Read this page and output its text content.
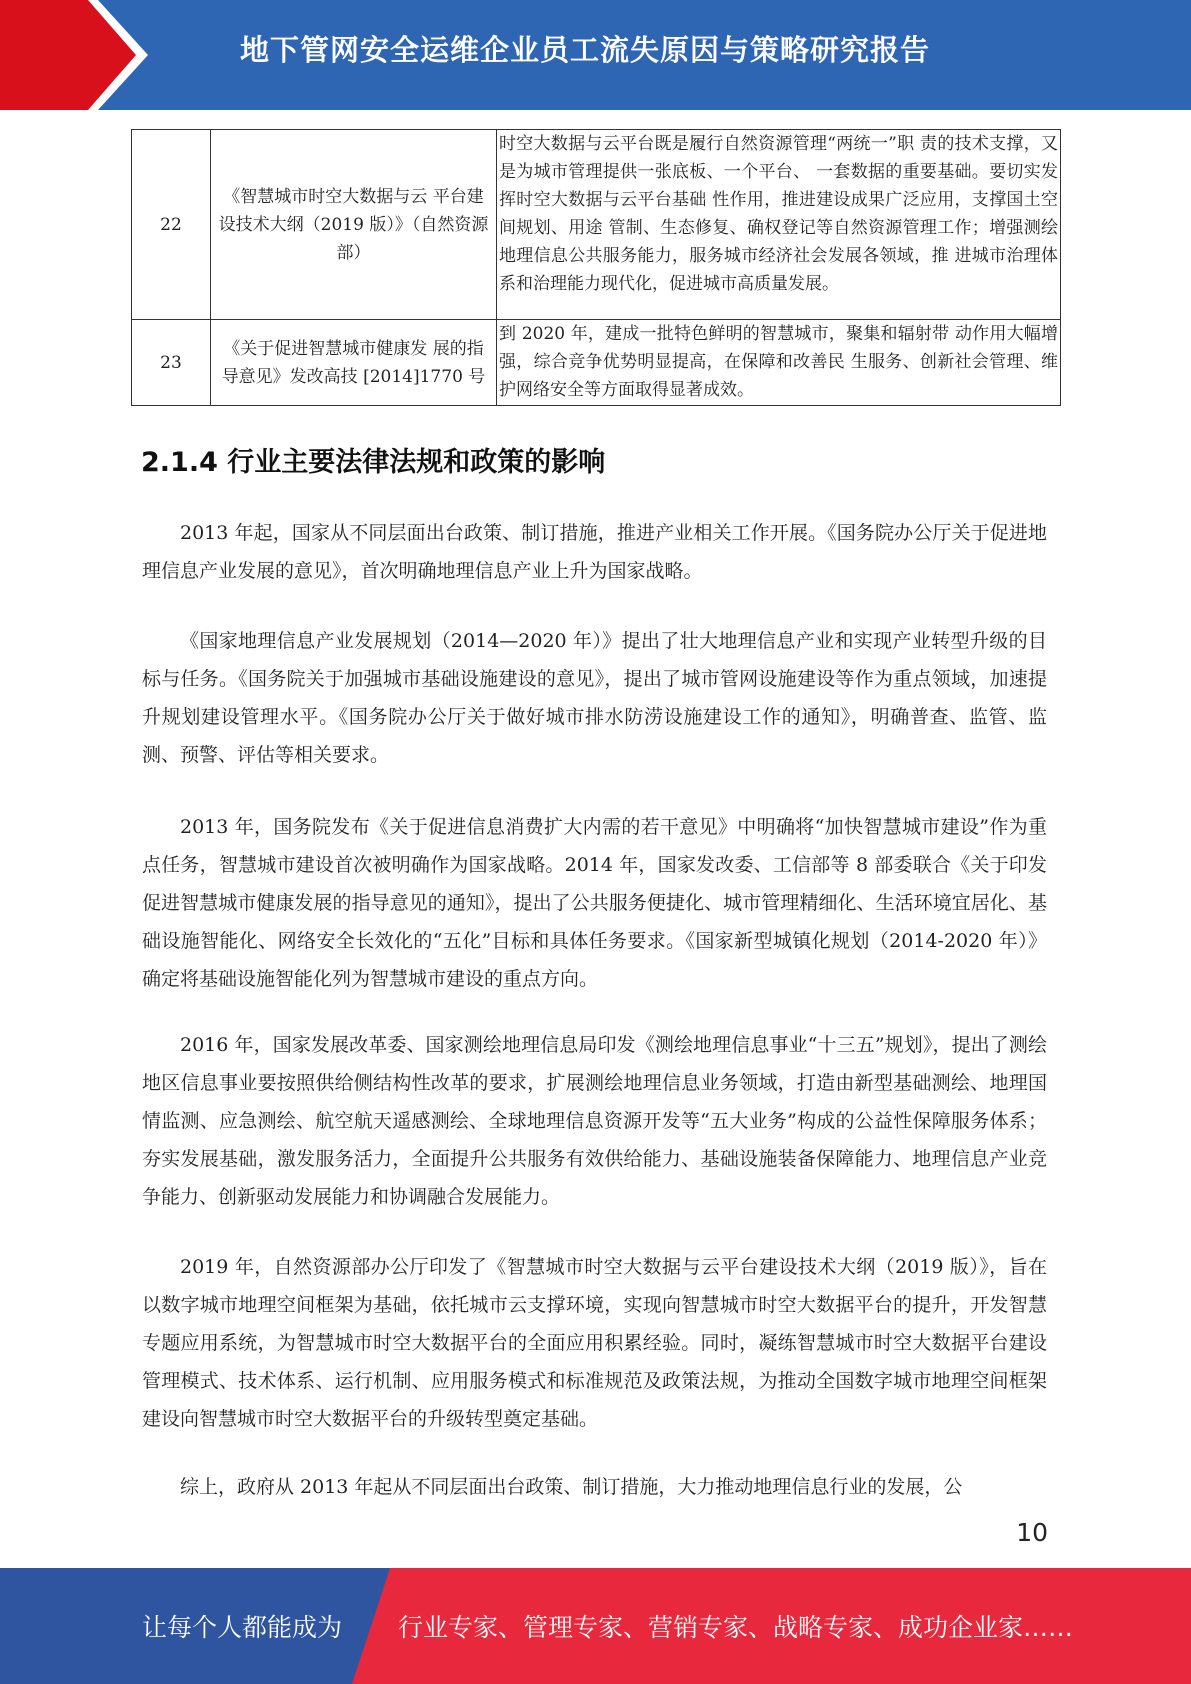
地下管网安全运维企业员工流失原因与策略研究报告
22	《智慧城市时空大数据与云 平台建设技术大纲（2019 版）》（自然资源部）	时空大数据与云平台既是履行自然资源管理“两统一”职 责的技术支撑，又是为城市管理提供一张底板、一个平台、 一套数据的重要基础。要切实发挥时空大数据与云平台基础 性作用，推进建设成果广泛应用，支撑国土空间规划、用途 管制、生态修复、确权登记等自然资源管理工作；增强测绘 地理信息公共服务能力，服务城市经济社会发展各领域，推 进城市治理体系和治理能力现代化，促进城市高质量发展。
23	《关于促进智慧城市健康发 展的指导意见》发改高技 [2014]1770 号	到 2020 年，建成一批特色鲜明的智慧城市，聚集和辐射带 动作用大幅增强，综合竞争优势明显提高，在保障和改善民 生服务、创新社会管理、维护网络安全等方面取得显著成效。
2.1.4 行业主要法律法规和政策的影响

2013 年起，国家从不同层面出台政策、制订措施，推进产业相关工作开展。《国务院办公厅关于促进地理信息产业发展的意见》，首次明确地理信息产业上升为国家战略。

《国家地理信息产业发展规划（2014—2020 年）》提出了壮大地理信息产业和实现产业转型升级的目标与任务。《国务院关于加强城市基础设施建设的意见》，提出了城市管网设施建设等作为重点领域，加速提升规划建设管理水平。《国务院办公厅关于做好城市排水防涝设施建设工作的通知》，明确普查、监管、监测、预警、评估等相关要求。

2013 年，国务院发布《关于促进信息消费扩大内需的若干意见》中明确将“加快智慧城市建设”作为重点任务，智慧城市建设首次被明确作为国家战略。2014 年，国家发改委、工信部等 8 部委联合《关于印发促进智慧城市健康发展的指导意见的通知》，提出了公共服务便捷化、城市管理精细化、生活环境宜居化、基础设施智能化、网络安全长效化的“五化”目标和具体任务要求。《国家新型城镇化规划（2014-2020 年）》确定将基础设施智能化列为智慧城市建设的重点方向。

2016 年，国家发展改革委、国家测绘地理信息局印发《测绘地理信息事业“十三五”规划》，提出了测绘地区信息事业要按照供给侧结构性改革的要求，扩展测绘地理信息业务领域，打造由新型基础测绘、地理国情监测、应急测绘、航空航天遥感测绘、全球地理信息资源开发等“五大业务”构成的公益性保障服务体系；夯实发展基础，激发服务活力，全面提升公共服务有效供给能力、基础设施装备保障能力、地理信息产业竞争能力、创新驱动发展能力和协调融合发展能力。

2019 年，自然资源部办公厅印发了《智慧城市时空大数据与云平台建设技术大纲（2019 版）》，旨在以数字城市地理空间框架为基础，依托城市云支撑环境，实现向智慧城市时空大数据平台的提升，开发智慧专题应用系统，为智慧城市时空大数据平台的全面应用积累经验。同时，凝练智慧城市时空大数据平台建设管理模式、技术体系、运行机制、应用服务模式和标准规范及政策法规，为推动全国数字城市地理空间框架建设向智慧城市时空大数据平台的升级转型奠定基础。

综上，政府从 2013 年起从不同层面出台政策、制订措施，大力推动地理信息行业的发展，公

10
让每个人都能成为 行业专家、管理专家、营销专家、战略专家、成功企业家……
